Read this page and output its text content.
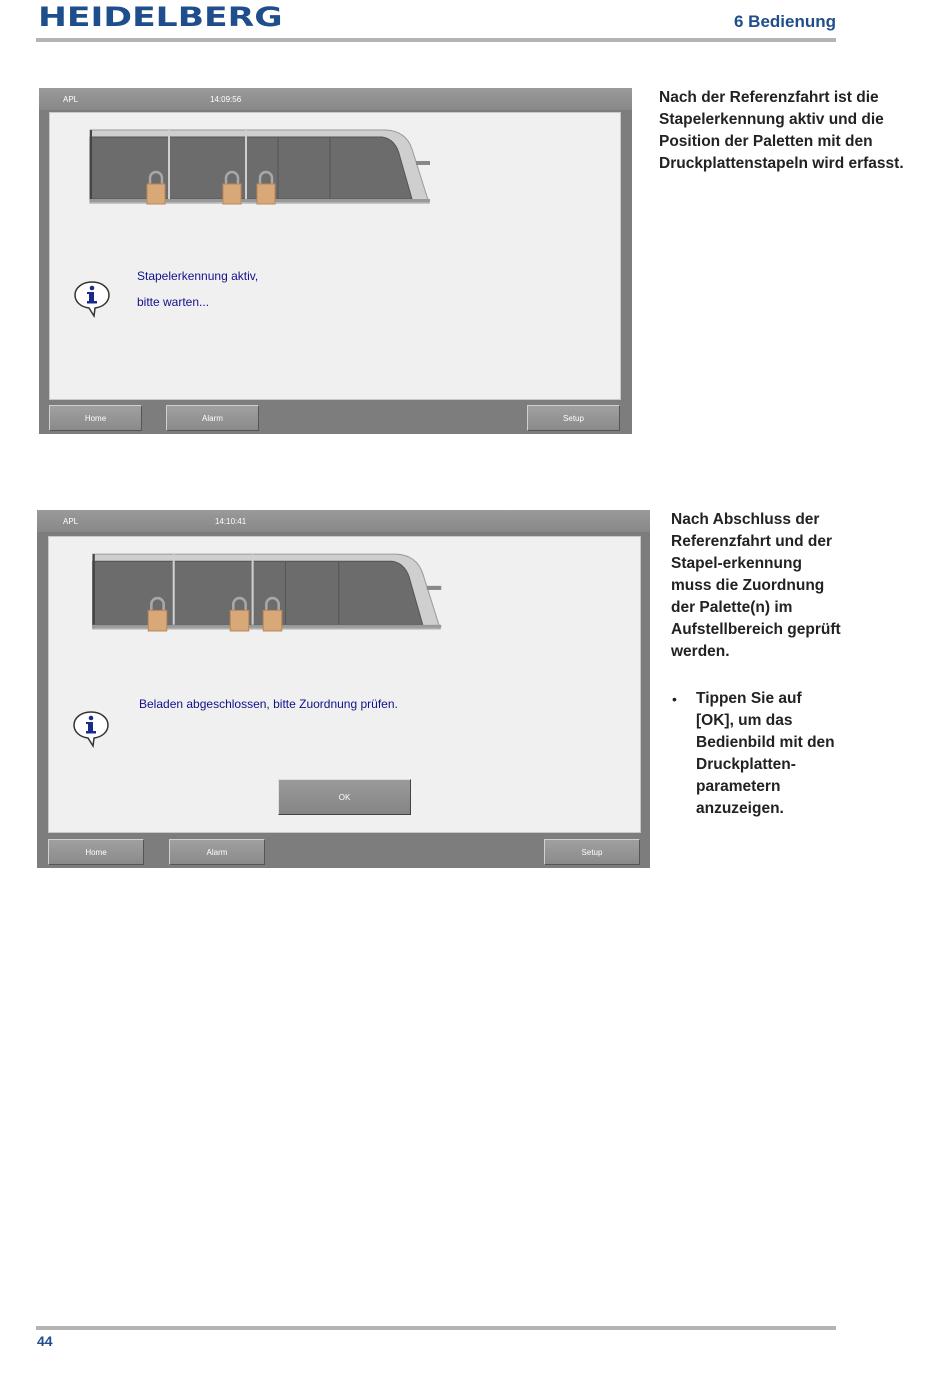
HEIDELBERG	6 Bedienung
APL	14:09:56
Stapelerkennung aktiv,
bitte warten...
Home	Alarm	Setup
Nach der Referenzfahrt ist die
Stapelerkennung aktiv und die
Position der Paletten mit den
Druckplattenstapeln wird erfasst.
APL	14:10:41
Beladen abgeschlossen, bitte Zuordnung prüfen.
OK
Home	Alarm	Setup
Nach Abschluss der
Referenzfahrt und der
Stapel-erkennung
muss die Zuordnung
der Palette(n) im
Aufstellbereich geprüft
werden.
• Tippen Sie auf
[OK], um das
Bedienbild mit den
Druckplatten-
parametern
anzuzeigen.
44
